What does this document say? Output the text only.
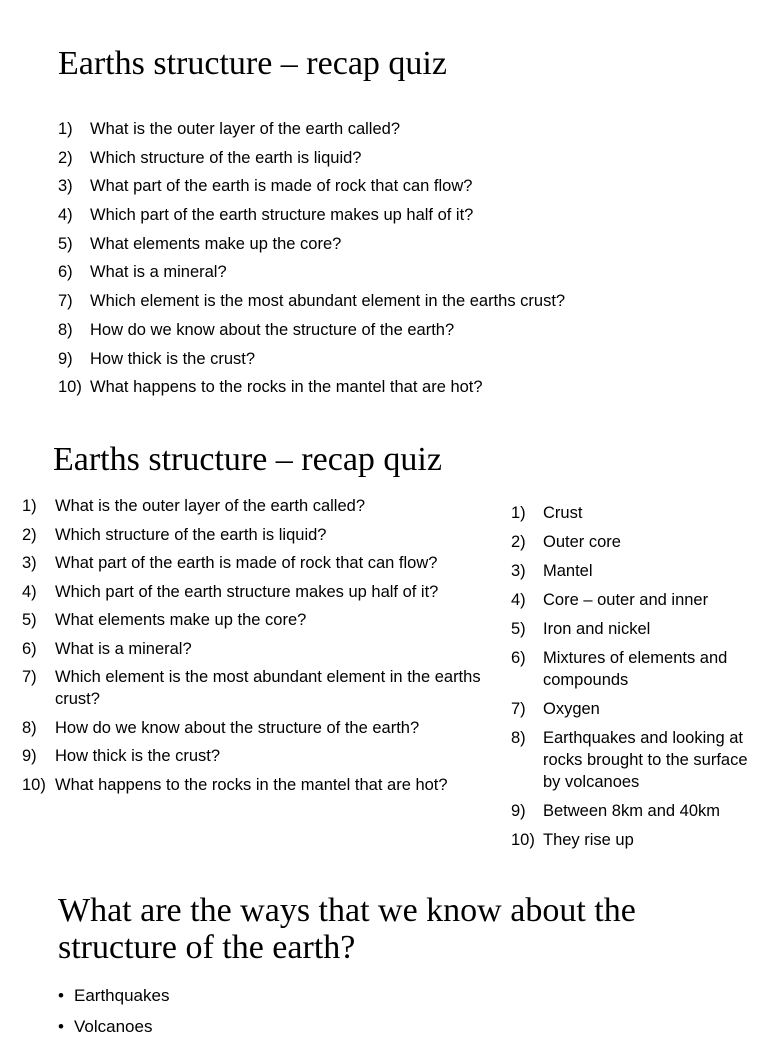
Earths structure – recap quiz
1) What is the outer layer of the earth called?
2) Which structure of the earth is liquid?
3) What part of the earth is made of rock that can flow?
4) Which part of the earth structure makes up half of it?
5) What elements make up the core?
6) What is a mineral?
7) Which element is the most abundant element in the earths crust?
8) How do we know about the structure of the earth?
9) How thick is the crust?
10) What happens to the rocks in the mantel that are hot?
Earths structure – recap quiz
1) What is the outer layer of the earth called?
2) Which structure of the earth is liquid?
3) What part of the earth is made of rock that can flow?
4) Which part of the earth structure makes up half of it?
5) What elements make up the core?
6) What is a mineral?
7) Which element is the most abundant element in the earths crust?
8) How do we know about the structure of the earth?
9) How thick is the crust?
10) What happens to the rocks in the mantel that are hot?
1) Crust
2) Outer core
3) Mantel
4) Core – outer and inner
5) Iron and nickel
6) Mixtures of elements and compounds
7) Oxygen
8) Earthquakes and looking at rocks brought to the surface by volcanoes
9) Between 8km and 40km
10) They rise up
What are the ways that we know about the structure of the earth?
• Earthquakes
• Volcanoes
